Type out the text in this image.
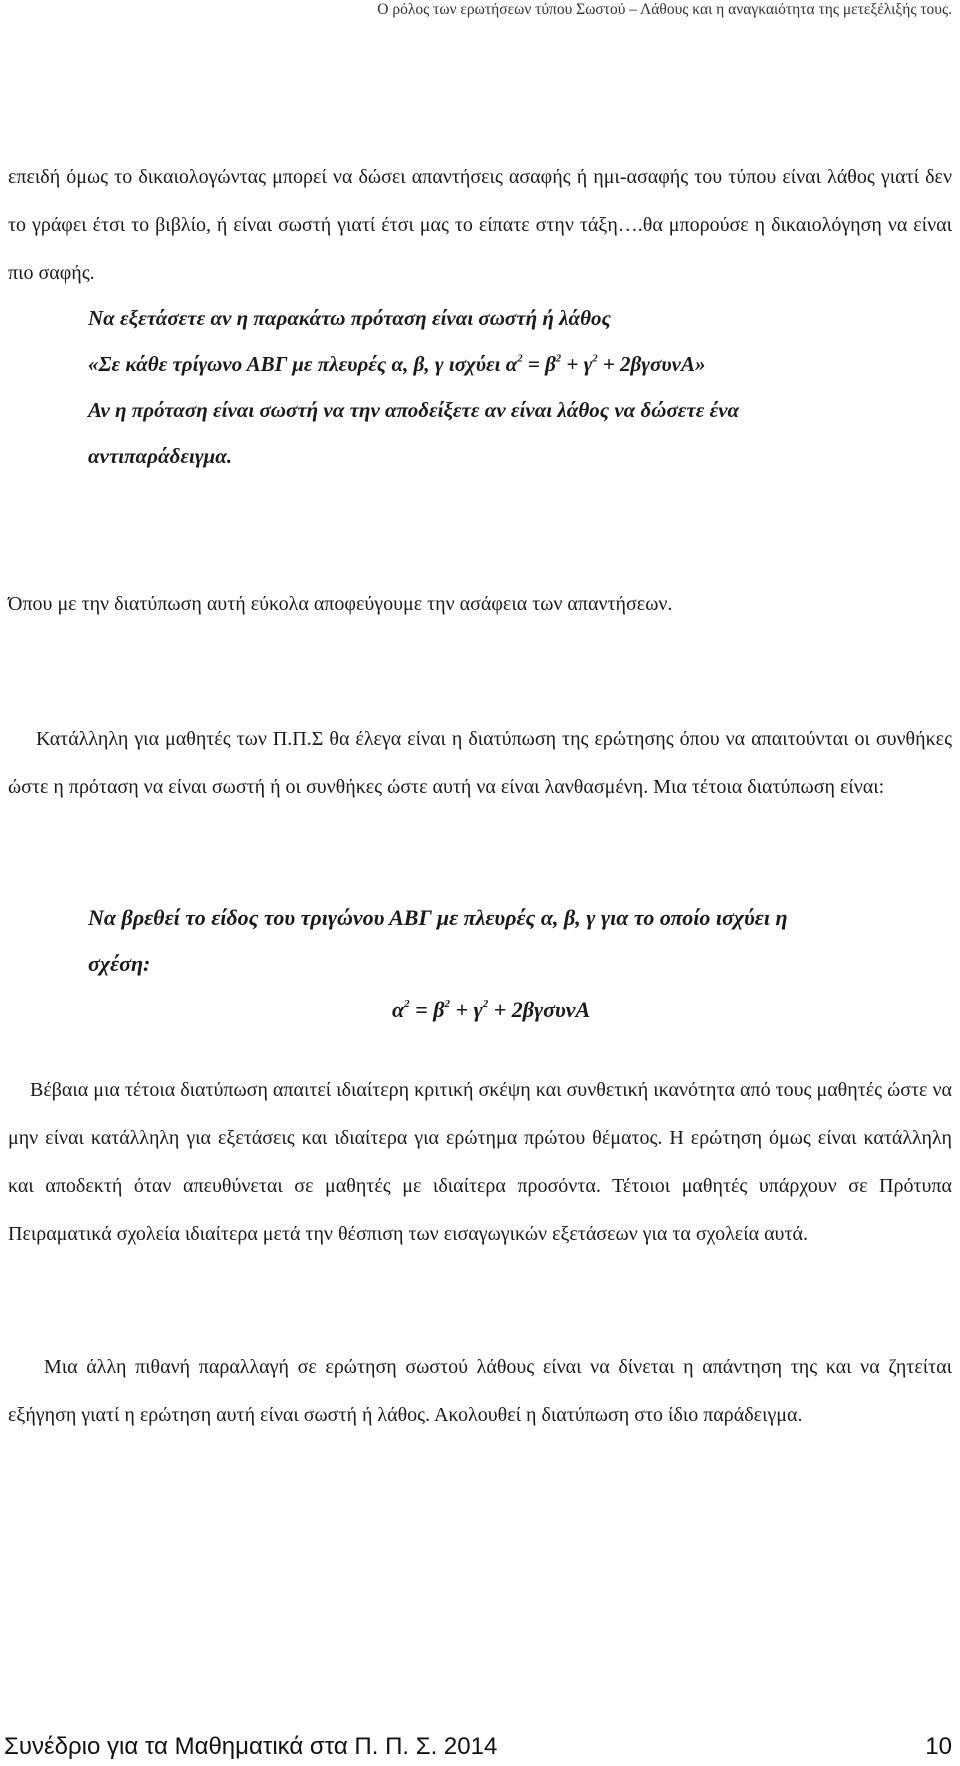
Ο ρόλος των ερωτήσεων τύπου Σωστού – Λάθους και η αναγκαιότητα της μετεξέλιξής τους.

επειδή όμως το δικαιολογώντας μπορεί να δώσει απαντήσεις ασαφής ή ημι-ασαφής του τύπου είναι λάθος γιατί δεν το γράφει έτσι το βιβλίο, ή είναι σωστή γιατί έτσι μας το είπατε στην τάξη….θα μπορούσε η δικαιολόγηση να είναι πιο σαφής.

Να εξετάσετε αν η παρακάτω πρόταση είναι σωστή ή λάθος
«Σε κάθε τρίγωνο ΑΒΓ με πλευρές α, β, γ ισχύει $\alpha^2 = \beta^2 + \gamma^2 + 2\beta\gamma\sigma\upsilon\nu A$»
Αν η πρόταση είναι σωστή να την αποδείξετε αν είναι λάθος να δώσετε ένα
αντιπαράδειγμα.

Όπου με την διατύπωση αυτή εύκολα αποφεύγουμε την ασάφεια των απαντήσεων.

Κατάλληλη για μαθητές των Π.Π.Σ θα έλεγα είναι η διατύπωση της ερώτησης όπου να απαιτούνται οι συνθήκες ώστε η πρόταση να είναι σωστή ή οι συνθήκες ώστε αυτή να είναι λανθασμένη. Μια τέτοια διατύπωση είναι:

Να βρεθεί το είδος του τριγώνου ΑΒΓ με πλευρές α, β, γ για το οποίο ισχύει η
σχέση:
$\alpha^2 = \beta^2 + \gamma^2 + 2\beta\gamma\sigma\upsilon\nu A$

Βέβαια μια τέτοια διατύπωση απαιτεί ιδιαίτερη κριτική σκέψη και συνθετική ικανότητα από τους μαθητές ώστε να μην είναι κατάλληλη για εξετάσεις και ιδιαίτερα για ερώτημα πρώτου θέματος. Η ερώτηση όμως είναι κατάλληλη και αποδεκτή όταν απευθύνεται σε μαθητές με ιδιαίτερα προσόντα. Τέτοιοι μαθητές υπάρχουν σε Πρότυπα Πειραματικά σχολεία ιδιαίτερα μετά την θέσπιση των εισαγωγικών εξετάσεων για τα σχολεία αυτά.

Μια άλλη πιθανή παραλλαγή σε ερώτηση σωστού λάθους είναι να δίνεται η απάντηση της και να ζητείται εξήγηση γιατί η ερώτηση αυτή είναι σωστή ή λάθος. Ακολουθεί η διατύπωση στο ίδιο παράδειγμα.

Συνέδριο για τα Μαθηματικά στα Π. Π. Σ. 2014	10
